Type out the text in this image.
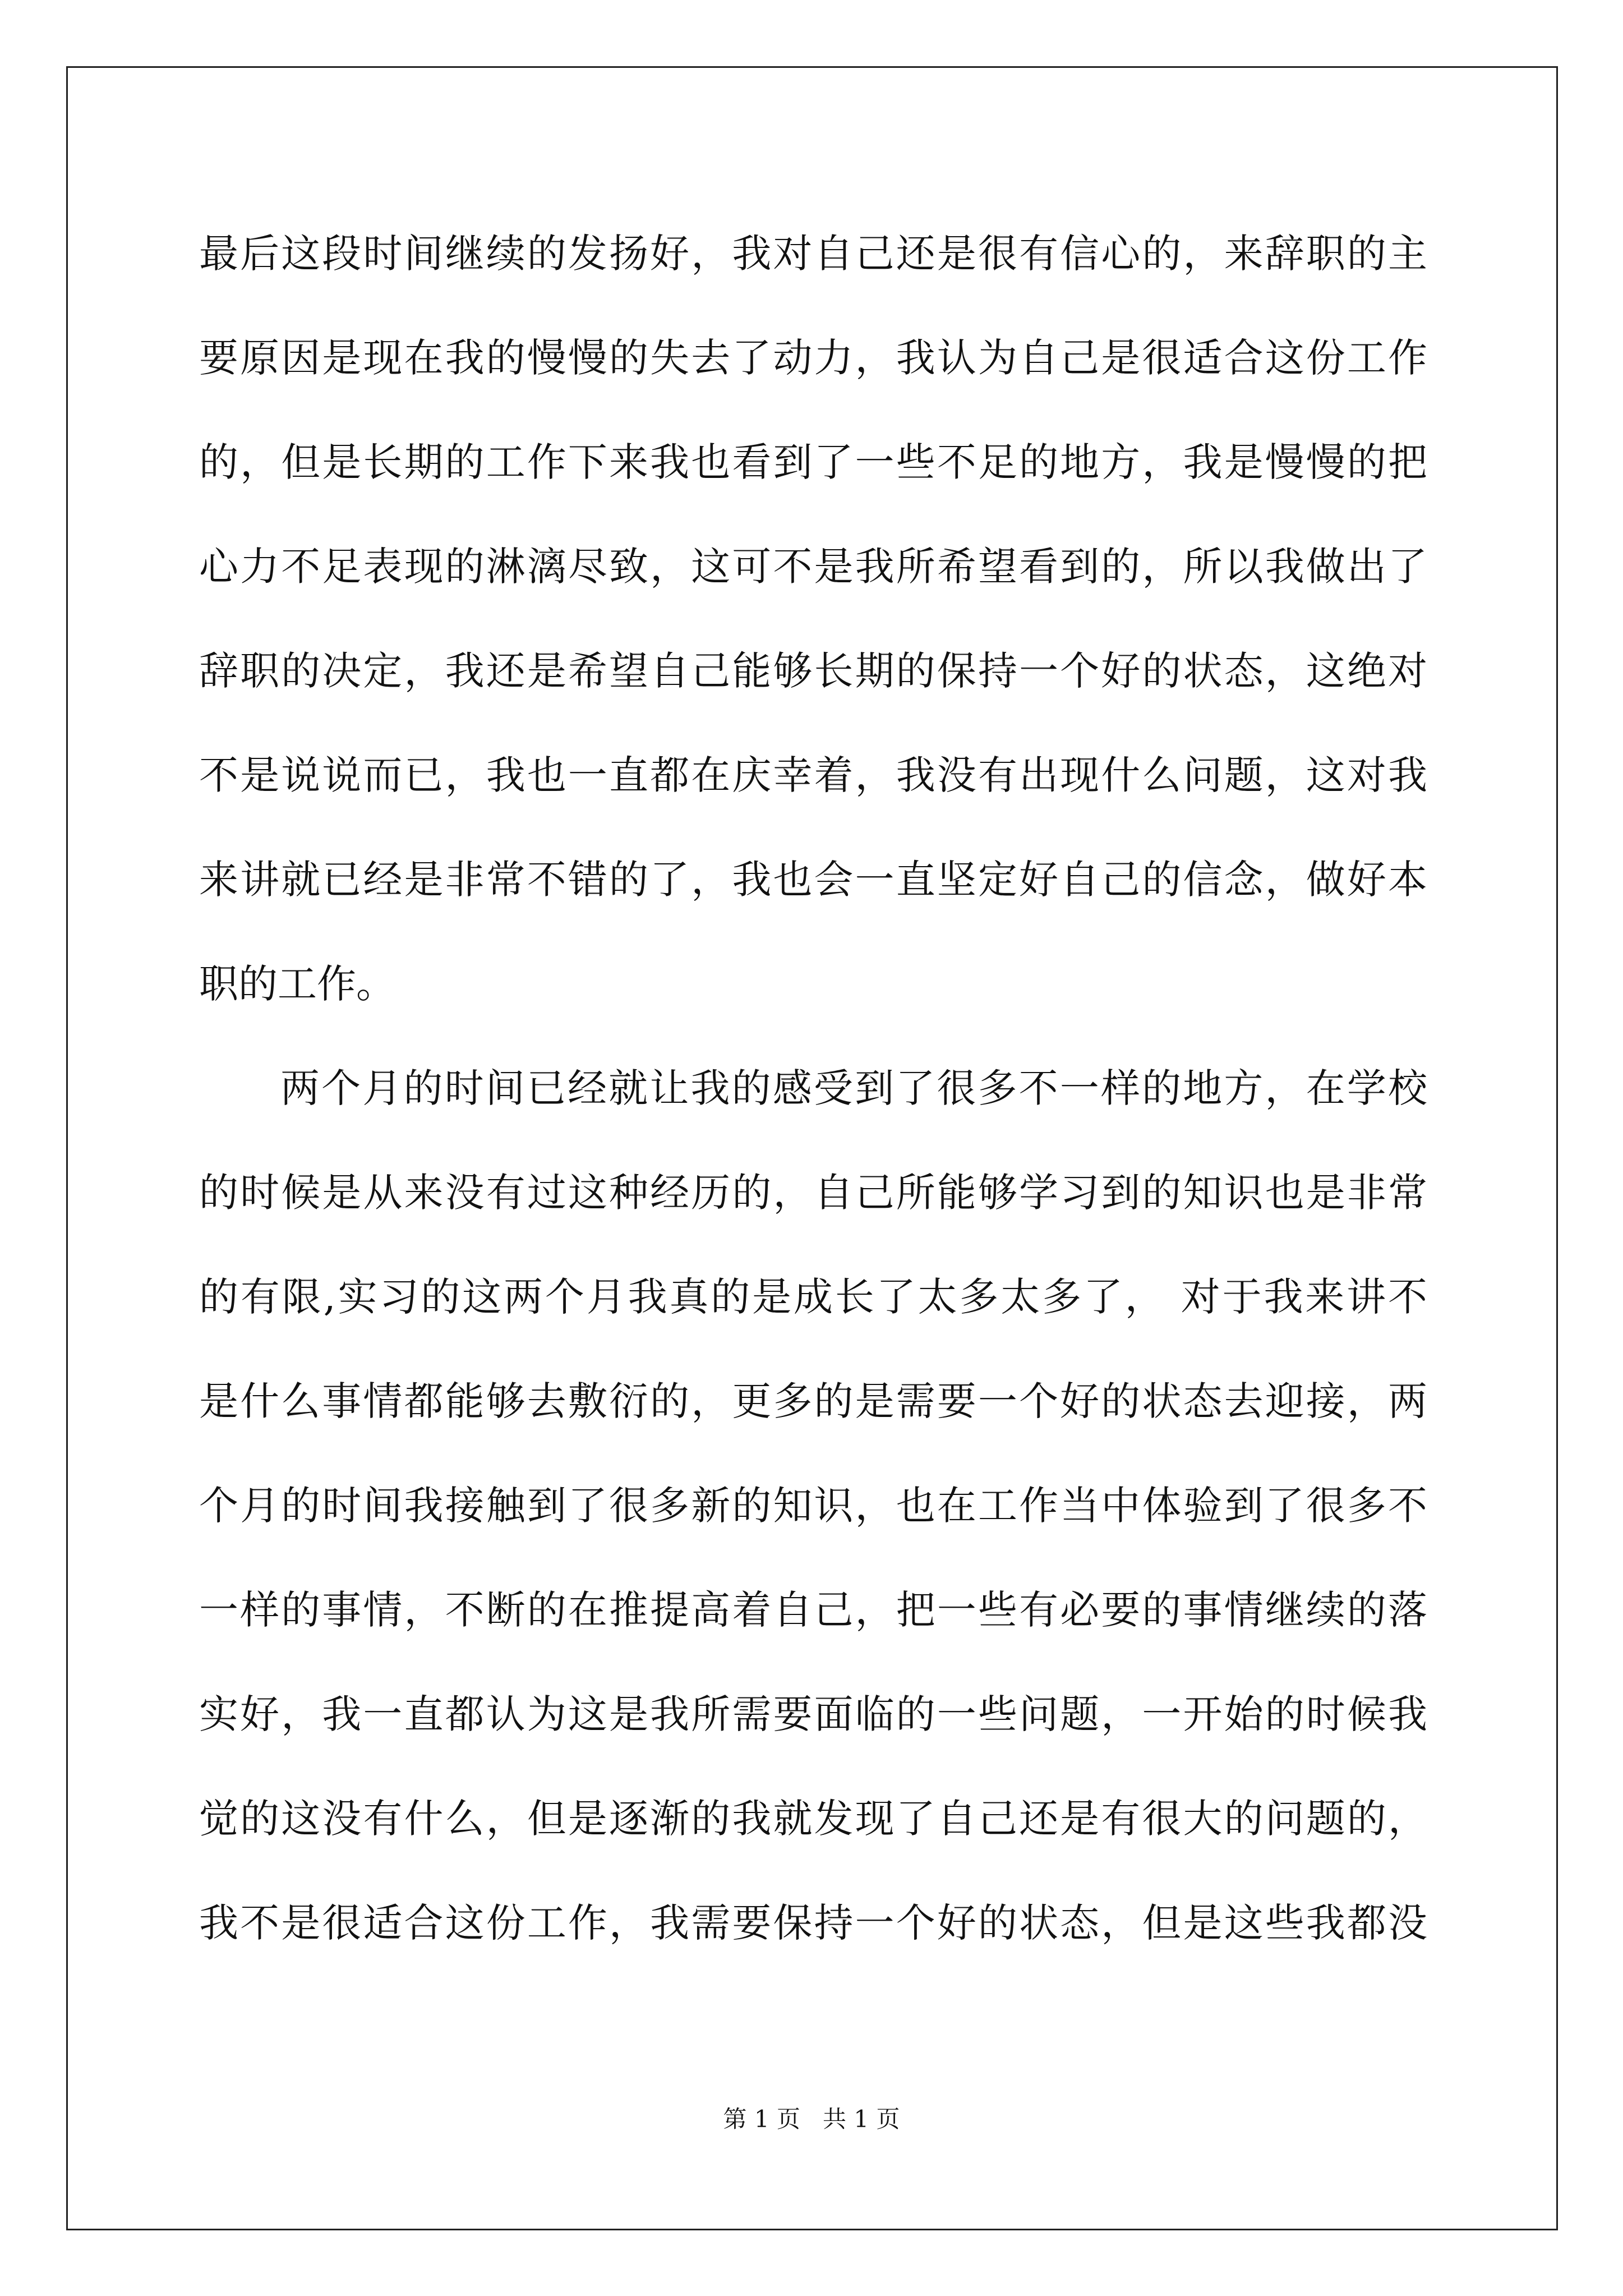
最后这段时间继续的发扬好，我对自己还是很有信心的，来辞职的主
要原因是现在我的慢慢的失去了动力，我认为自己是很适合这份工作
的，但是长期的工作下来我也看到了一些不足的地方，我是慢慢的把
心力不足表现的淋漓尽致，这可不是我所希望看到的，所以我做出了
辞职的决定，我还是希望自己能够长期的保持一个好的状态，这绝对
不是说说而已，我也一直都在庆幸着，我没有出现什么问题，这对我
来讲就已经是非常不错的了，我也会一直坚定好自己的信念，做好本
职的工作。
两个月的时间已经就让我的感受到了很多不一样的地方，在学校
的时候是从来没有过这种经历的，自己所能够学习到的知识也是非常
的有限,实习的这两个月我真的是成长了太多太多了， 对于我来讲不
是什么事情都能够去敷衍的，更多的是需要一个好的状态去迎接，两
个月的时间我接触到了很多新的知识，也在工作当中体验到了很多不
一样的事情，不断的在推提高着自己，把一些有必要的事情继续的落
实好，我一直都认为这是我所需要面临的一些问题，一开始的时候我
觉的这没有什么，但是逐渐的我就发现了自己还是有很大的问题的，
我不是很适合这份工作，我需要保持一个好的状态，但是这些我都没
第 1 页   共 1 页
